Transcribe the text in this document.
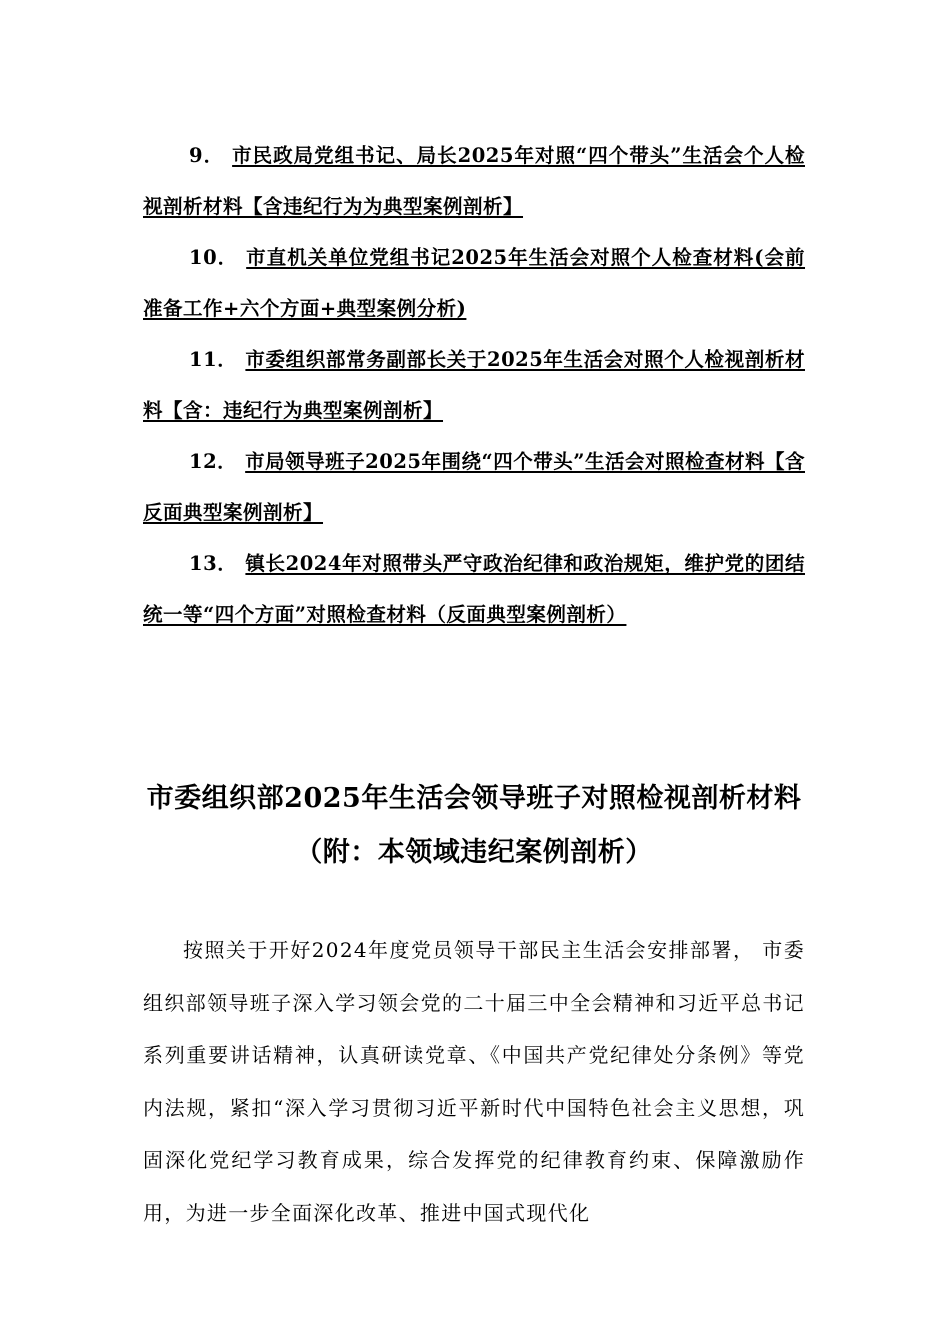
9． 市民政局党组书记、局长2025年对照“四个带头”生活会个人检视剖析材料【含违纪行为为典型案例剖析】

10． 市直机关单位党组书记2025年生活会对照个人检查材料(会前准备工作+六个方面+典型案例分析)

11． 市委组织部常务副部长关于2025年生活会对照个人检视剖析材料【含：违纪行为典型案例剖析】

12． 市局领导班子2025年围绕“四个带头”生活会对照检查材料【含反面典型案例剖析】

13． 镇长2024年对照带头严守政治纪律和政治规矩，维护党的团结统一等“四个方面”对照检查材料（反面典型案例剖析）

市委组织部2025年生活会领导班子对照检视剖析材料（附：本领域违纪案例剖析）

按照关于开好2024年度党员领导干部民主生活会安排部署， 市委组织部领导班子深入学习领会党的二十届三中全会精神和习近平总书记系列重要讲话精神，认真研读党章、《中国共产党纪律处分条例》等党内法规，紧扣“深入学习贯彻习近平新时代中国特色社会主义思想，巩固深化党纪学习教育成果，综合发挥党的纪律教育约束、保障激励作用，为进一步全面深化改革、推进中国式现代化
